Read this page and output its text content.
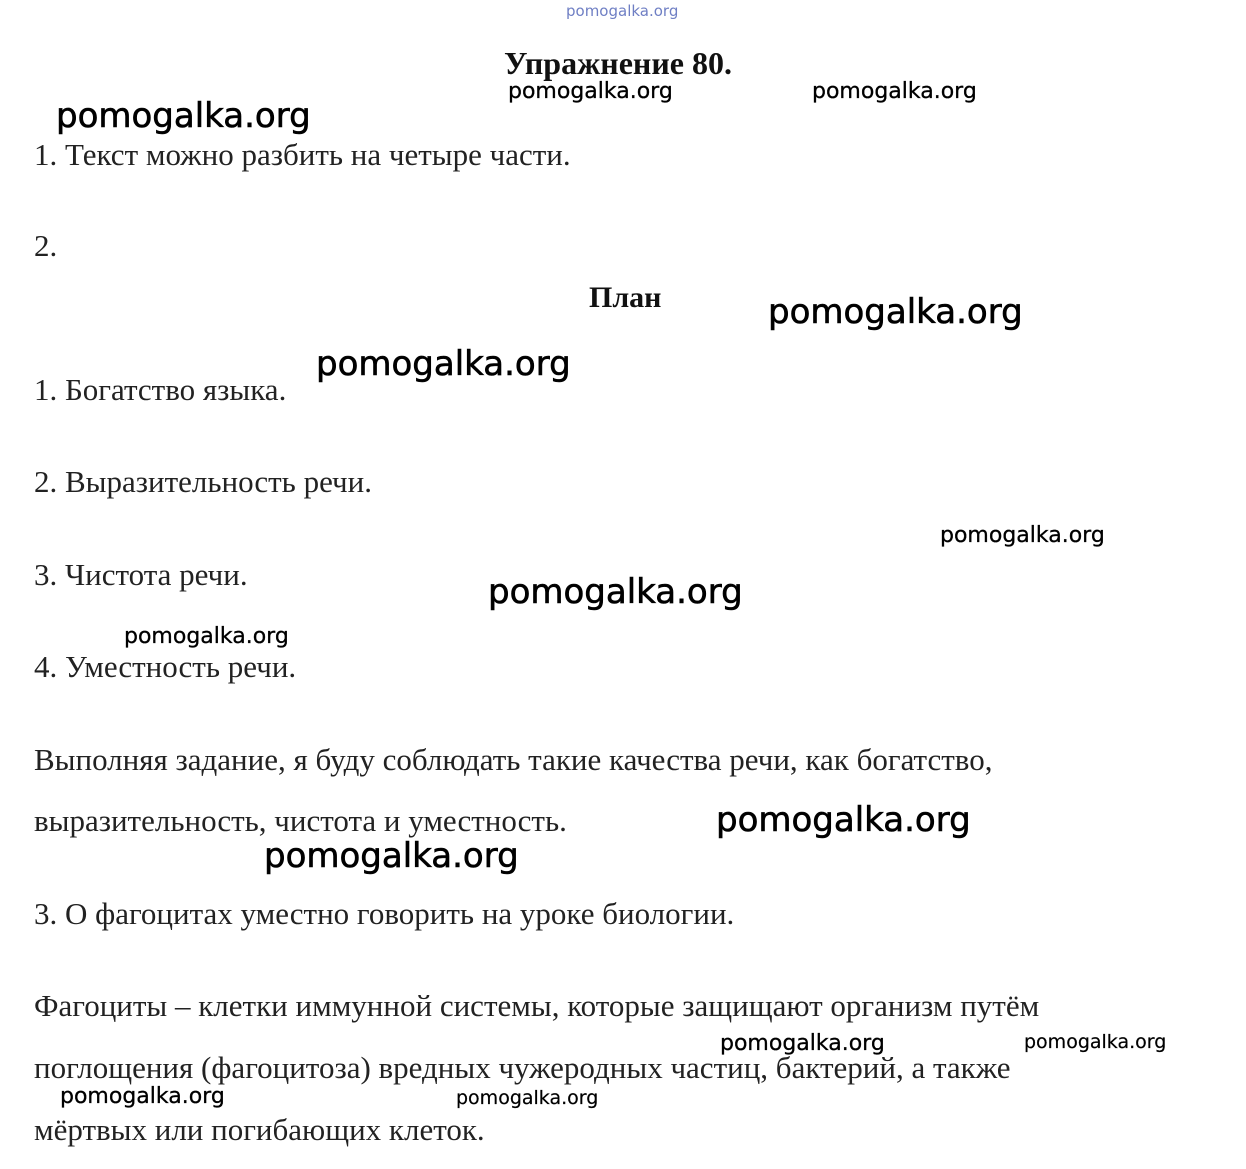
pomogalka.org
Упражнение 80.
1. Текст можно разбить на четыре части.
2.
План
1. Богатство языка.
2. Выразительность речи.
3. Чистота речи.
4. Уместность речи.
Выполняя задание, я буду соблюдать такие качества речи, как богатство,
выразительность, чистота и уместность.
3. О фагоцитах уместно говорить на уроке биологии.
Фагоциты – клетки иммунной системы, которые защищают организм путём
поглощения (фагоцитоза) вредных чужеродных частиц, бактерий, а также
мёртвых или погибающих клеток.
pomogalka.org	pomogalka.org
pomogalka.org
pomogalka.org
pomogalka.org
pomogalka.org
pomogalka.org
pomogalka.org
pomogalka.org
pomogalka.org
pomogalka.org	pomogalka.org
pomogalka.org	pomogalka.org
